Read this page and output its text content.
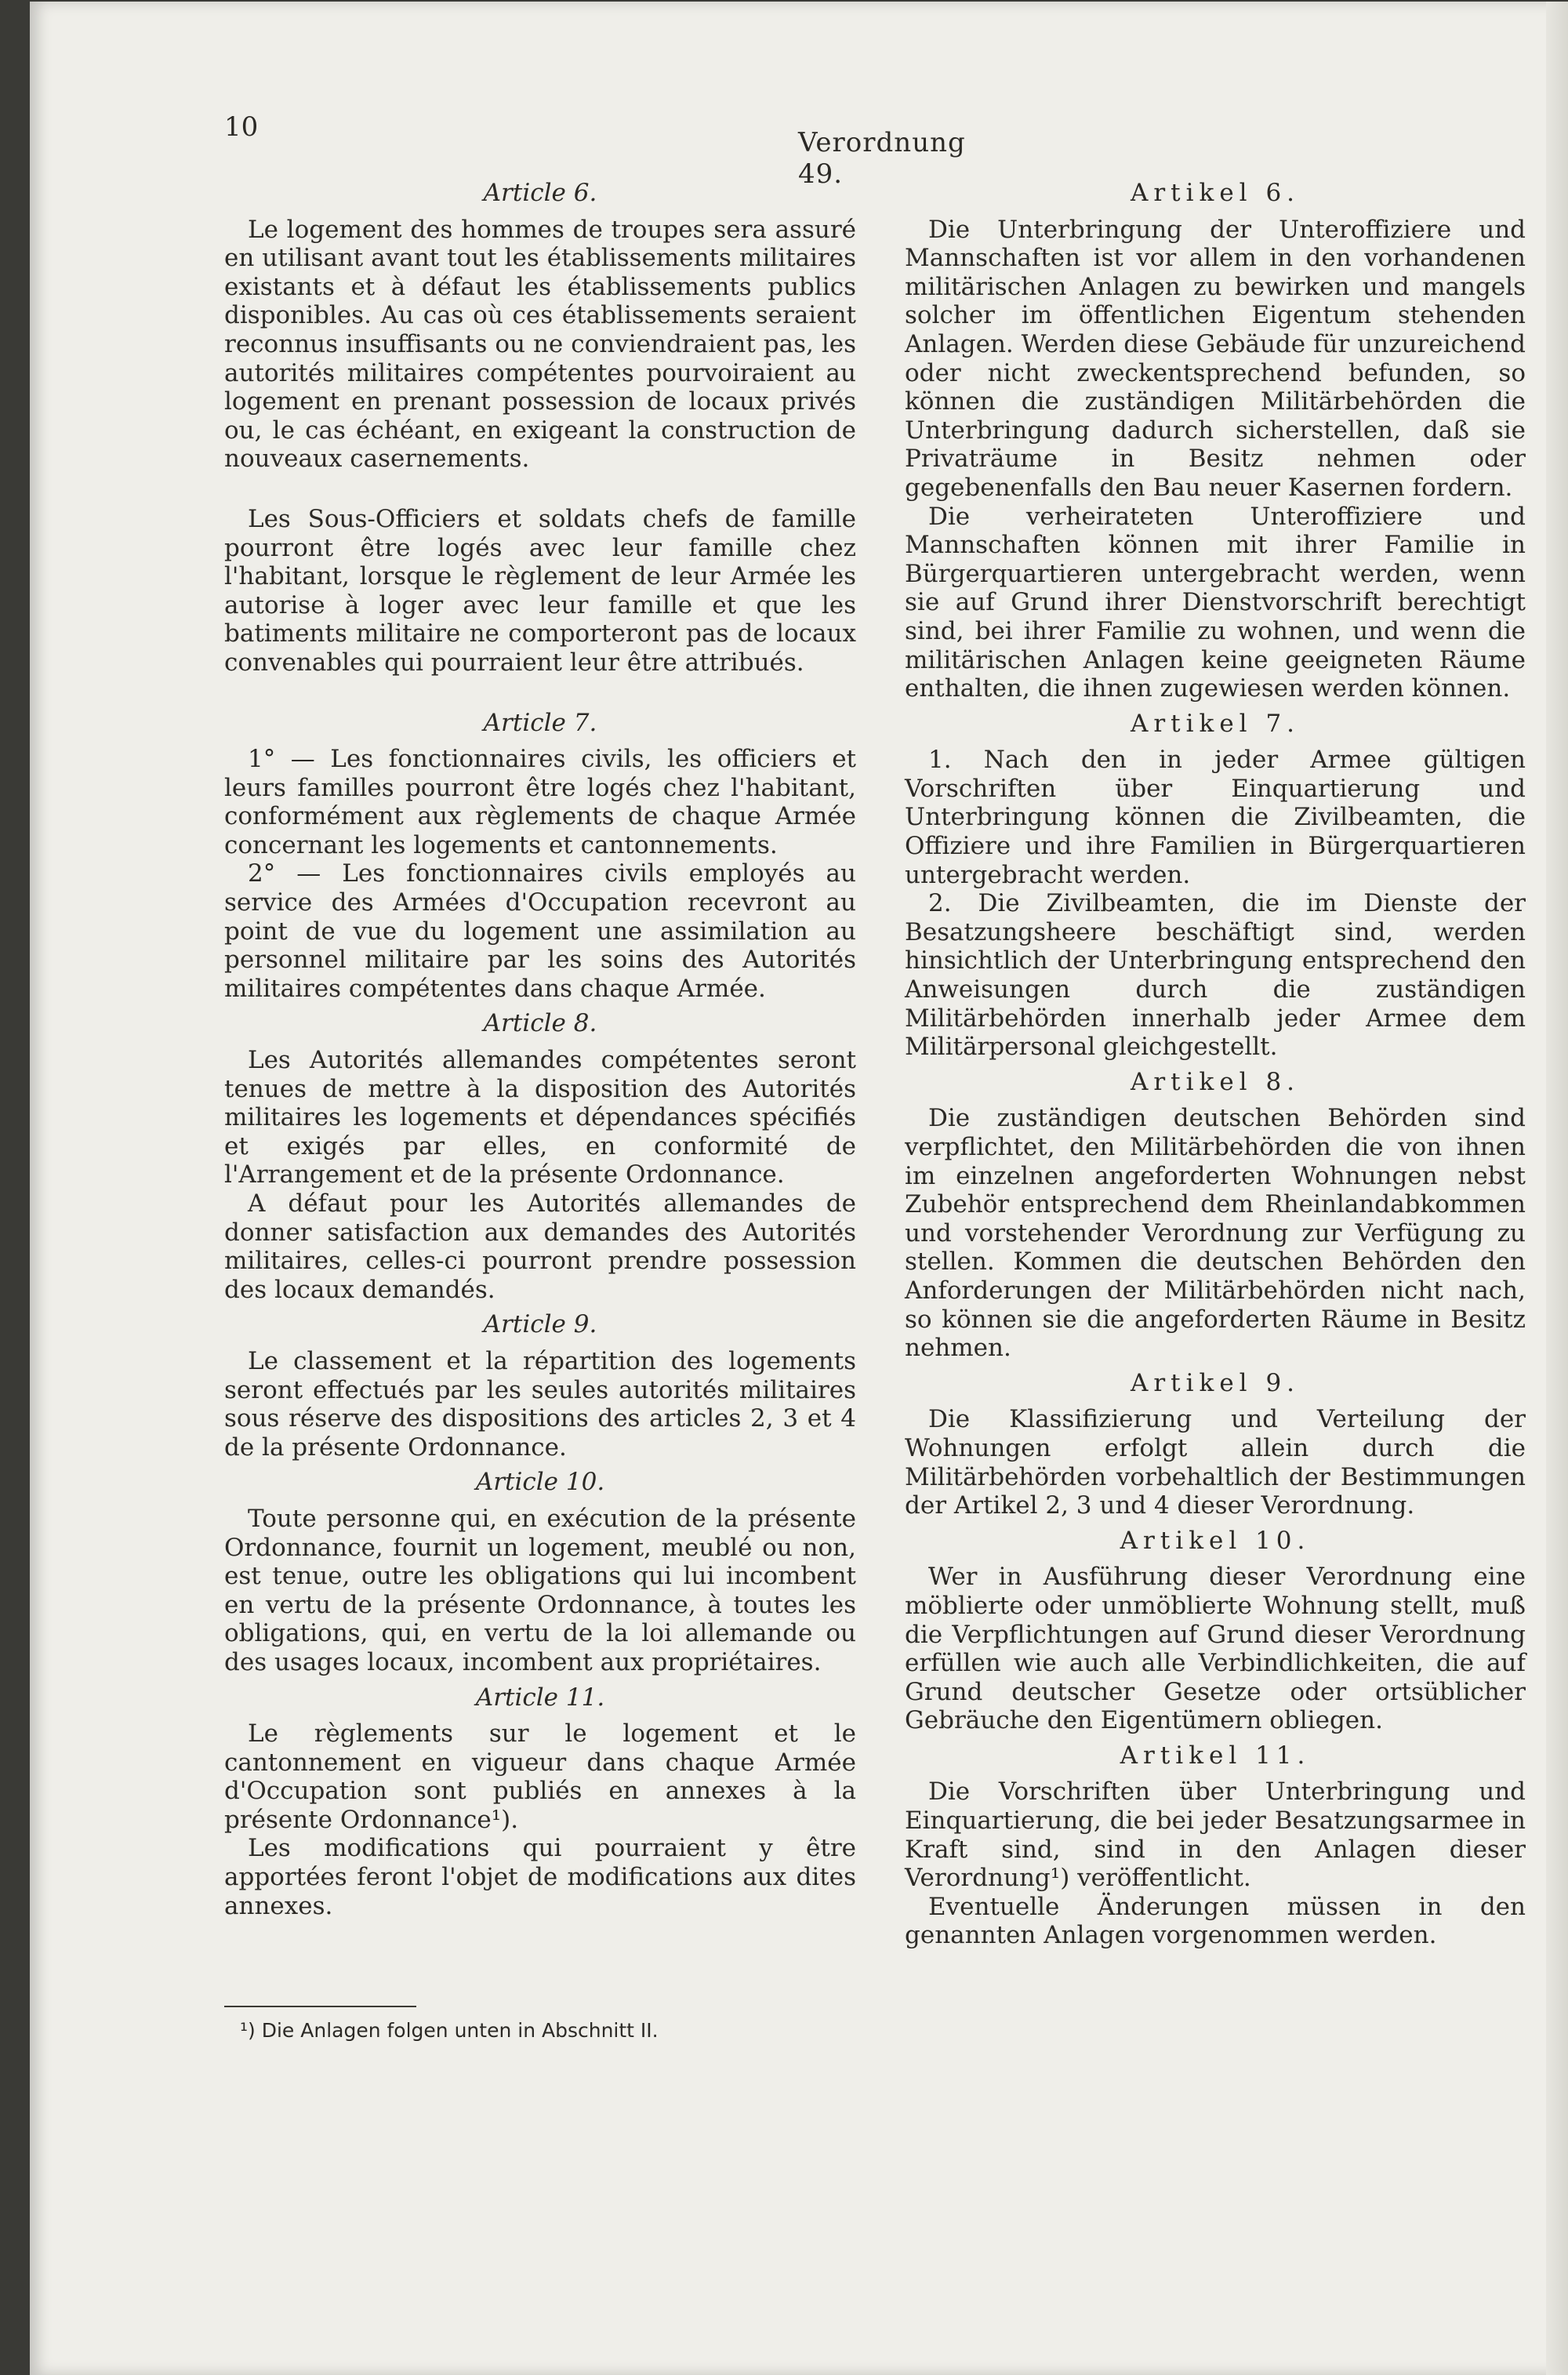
10	Verordnung 49.
Article 6.

Le logement des hommes de troupes sera assuré en utilisant avant tout les établissements militaires existants et à défaut les établissements publics disponibles. Au cas où ces établissements seraient reconnus insuffisants ou ne conviendraient pas, les autorités militaires compétentes pourvoiraient au logement en prenant possession de locaux privés ou, le cas échéant, en exigeant la construction de nouveaux casernements.

Les Sous-Officiers et soldats chefs de famille pourront être logés avec leur famille chez l'habitant, lorsque le règlement de leur Armée les autorise à loger avec leur famille et que les batiments militaire ne comporteront pas de locaux convenables qui pourraient leur être attribués.

Article 7.

1° — Les fonctionnaires civils, les officiers et leurs familles pourront être logés chez l'habitant, conformément aux règlements de chaque Armée concernant les logements et cantonnements.

2° — Les fonctionnaires civils employés au service des Armées d'Occupation recevront au point de vue du logement une assimilation au personnel militaire par les soins des Autorités militaires compétentes dans chaque Armée.

Article 8.

Les Autorités allemandes compétentes seront tenues de mettre à la disposition des Autorités militaires les logements et dépendances spécifiés et exigés par elles, en conformité de l'Arrangement et de la présente Ordonnance.

A défaut pour les Autorités allemandes de donner satisfaction aux demandes des Autorités militaires, celles-ci pourront prendre possession des locaux demandés.

Article 9.

Le classement et la répartition des logements seront effectués par les seules autorités militaires sous réserve des dispositions des articles 2, 3 et 4 de la présente Ordonnance.

Article 10.

Toute personne qui, en exécution de la présente Ordonnance, fournit un logement, meublé ou non, est tenue, outre les obligations qui lui incombent en vertu de la présente Ordonnance, à toutes les obligations, qui, en vertu de la loi allemande ou des usages locaux, incombent aux propriétaires.

Article 11.

Le règlements sur le logement et le cantonnement en vigueur dans chaque Armée d'Occupation sont publiés en annexes à la présente Ordonnance¹).

Les modifications qui pourraient y être apportées feront l'objet de modifications aux dites annexes.

Artikel 6.

Die Unterbringung der Unteroffiziere und Mannschaften ist vor allem in den vorhandenen militärischen Anlagen zu bewirken und mangels solcher im öffentlichen Eigentum stehenden Anlagen. Werden diese Gebäude für unzureichend oder nicht zweckentsprechend befunden, so können die zuständigen Militärbehörden die Unterbringung dadurch sicherstellen, daß sie Privaträume in Besitz nehmen oder gegebenenfalls den Bau neuer Kasernen fordern.

Die verheirateten Unteroffiziere und Mannschaften können mit ihrer Familie in Bürgerquartieren untergebracht werden, wenn sie auf Grund ihrer Dienstvorschrift berechtigt sind, bei ihrer Familie zu wohnen, und wenn die militärischen Anlagen keine geeigneten Räume enthalten, die ihnen zugewiesen werden können.

Artikel 7.

1. Nach den in jeder Armee gültigen Vorschriften über Einquartierung und Unterbringung können die Zivilbeamten, die Offiziere und ihre Familien in Bürgerquartieren untergebracht werden.

2. Die Zivilbeamten, die im Dienste der Besatzungsheere beschäftigt sind, werden hinsichtlich der Unterbringung entsprechend den Anweisungen durch die zuständigen Militärbehörden innerhalb jeder Armee dem Militärpersonal gleichgestellt.

Artikel 8.

Die zuständigen deutschen Behörden sind verpflichtet, den Militärbehörden die von ihnen im einzelnen angeforderten Wohnungen nebst Zubehör entsprechend dem Rheinlandabkommen und vorstehender Verordnung zur Verfügung zu stellen. Kommen die deutschen Behörden den Anforderungen der Militärbehörden nicht nach, so können sie die angeforderten Räume in Besitz nehmen.

Artikel 9.

Die Klassifizierung und Verteilung der Wohnungen erfolgt allein durch die Militärbehörden vorbehaltlich der Bestimmungen der Artikel 2, 3 und 4 dieser Verordnung.

Artikel 10.

Wer in Ausführung dieser Verordnung eine möblierte oder unmöblierte Wohnung stellt, muß die Verpflichtungen auf Grund dieser Verordnung erfüllen wie auch alle Verbindlichkeiten, die auf Grund deutscher Gesetze oder ortsüblicher Gebräuche den Eigentümern obliegen.

Artikel 11.

Die Vorschriften über Unterbringung und Einquartierung, die bei jeder Besatzungsarmee in Kraft sind, sind in den Anlagen dieser Verordnung¹) veröffentlicht.

Eventuelle Änderungen müssen in den genannten Anlagen vorgenommen werden.

¹) Die Anlagen folgen unten in Abschnitt II.
